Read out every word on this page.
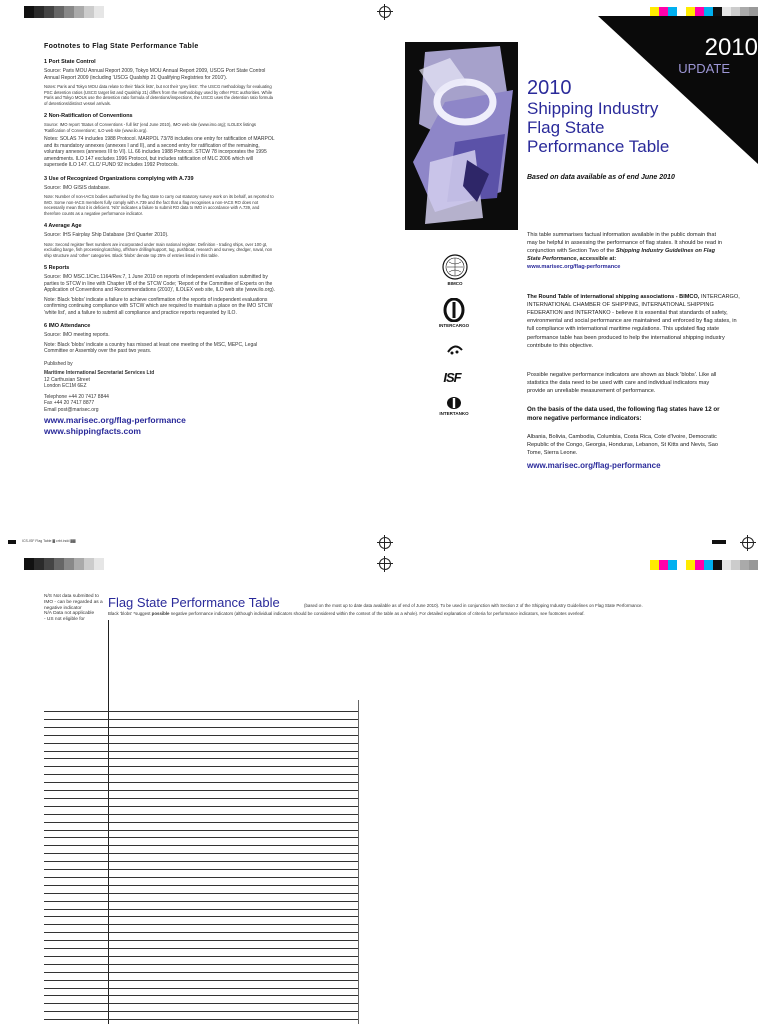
Footnotes to Flag State Performance Table
1 Port State Control

Source: Paris MOU Annual Report 2009, Tokyo MOU Annual Report 2009, USCG Port State Control Annual Report 2009 (including 'USCG Qualship 21 Qualifying Registries for 2010').

Notes: Paris and Tokyo MOU data relate to their 'black lists', but not their 'grey lists'. The USCG methodology for evaluating PSC detention ratios (USCG target list and Qualship 21) differs from the methodology used by other PSC authorities. While Paris and Tokyo MOUs use the detention ratio formula of detentions/inspections, the USCG uses the detention ratio formula of detentions/distinct vessel arrivals.

2 Non-Ratification of Conventions

Source: IMO report 'Status of Conventions - full list' (end June 2010), IMO web site (www.imo.org); ILOLEX listings 'Ratification of Conventions', ILO web site (www.ilo.org).

Notes: SOLAS 74 includes 1988 Protocol. MARPOL 73/78 includes one entry for ratification of MARPOL and its mandatory annexes (annexes I and II), and a second entry for ratification of the remaining, voluntary annexes (annexes III to VI). LL 66 includes 1988 Protocol. STCW 78 incorporates the 1995 amendments. ILO 147 excludes 1996 Protocol, but includes ratification of MLC 2006 which will supersede ILO 147. CLC/ FUND 92 includes 1992 Protocols.

3 Use of Recognized Organizations complying with A.739

Source: IMO GISIS database.

Note: Number of non-IACS bodies authorised by the flag state to carry out statutory survey work on its behalf, as reported to IMO. Some non-IACS members fully comply with A.739 and the fact that a flag recognises a non-IACS RO does not necessarily mean that it is deficient. 'N/S' indicates a failure to submit RO data to IMO in accordance with A.739, and therefore counts as a negative performance indicator.

4 Average Age

Source: IHS Fairplay Ship Database (3rd Quarter 2010).

Note: Second register fleet numbers are incorporated under main national register. Definition - trading ships, over 100 gt, excluding barge, fish processing/catching, offshore drilling/support, tug, pushboat, research and survey, dredger, naval, non ship structure and 'other' categories. Black 'blobs' denote top 25% of entries listed in this table.

5 Reports

Source: IMO MSC.1/Circ.1164/Rev.7, 1 June 2010 on reports of independent evaluation submitted by parties to STCW in line with Chapter I/8 of the STCW Code; 'Report of the Committee of Experts on the Application of Conventions and Recommendations (2010)', ILOLEX web site, ILO web site (www.ilo.org).

Note: Black 'blobs' indicate a failure to achieve confirmation of the reports of independent evaluations confirming continuing compliance with STCW which are required to maintain a place on the IMO STCW 'white list', and a failure to submit all compliance and practice reports requested by ILO.

6 IMO Attendance

Source: IMO meeting reports.

Note: Black 'blobs' indicate a country has missed at least one meeting of the MSC, MEPC, Legal Committee or Assembly over the past two years.

Published by

Maritime International Secretariat Services Ltd

12 Carthusian Street

London EC1M 6EZ

Telephone +44 20 7417 8844

Fax +44 20 7417 8877

Email post@marisec.org

www.marisec.org/flag-performance

www.shippingfacts.com

2010
UPDATE
2010
Shipping Industry
Flag State
Performance Table
Based on data available as of end June 2010
BIMCO
INTERCARGO
ISF
INTERTANKO
This table summarises factual information available in the public domain that may be helpful in assessing the performance of flag states. It should be read in conjunction with Section Two of the Shipping Industry Guidelines on Flag State Performance, accessible at:
www.marisec.org/flag-performance
The Round Table of international shipping associations - BIMCO, INTERCARGO, INTERNATIONAL CHAMBER OF SHIPPING, INTERNATIONAL SHIPPING FEDERATION and INTERTANKO - believe it is essential that standards of safety, environmental and social performance are maintained and enforced by flag states, in full compliance with international maritime regulations. This updated flag state performance table has been produced to help the international shipping industry contribute to this objective.
Possible negative performance indicators are shown as black 'blobs'. Like all statistics the data need to be used with care and individual indicators may provide an unreliable measurement of performance.
On the basis of the data used, the following flag states have 12 or more negative performance indicators:
Albania, Bolivia, Cambodia, Columbia, Costa Rica, Cote d'Ivoire, Democratic Republic of the Congo, Georgia, Honduras, Lebanon, St Kitts and Nevis, Sao Tome, Sierra Leone.
www.marisec.org/flag-performance
ICS-ISF Flag Table ▓ crbt.indd ▓▓
N/S Not data submitted to IMO - can be regarded as a negative indicator
N/A Data not applicable
- US not eligible for
Flag State Performance Table	(based on the most up to date data available as of end of June 2010). To be used in conjunction with Section 2 of the Shipping Industry Guidelines on Flag State Performance.
Black 'blobs' *suggest possible negative performance indicators (although individual indicators should be considered within the context of the table as a whole). For detailed explanation of criteria for performance indicators, see footnotes overleaf.
